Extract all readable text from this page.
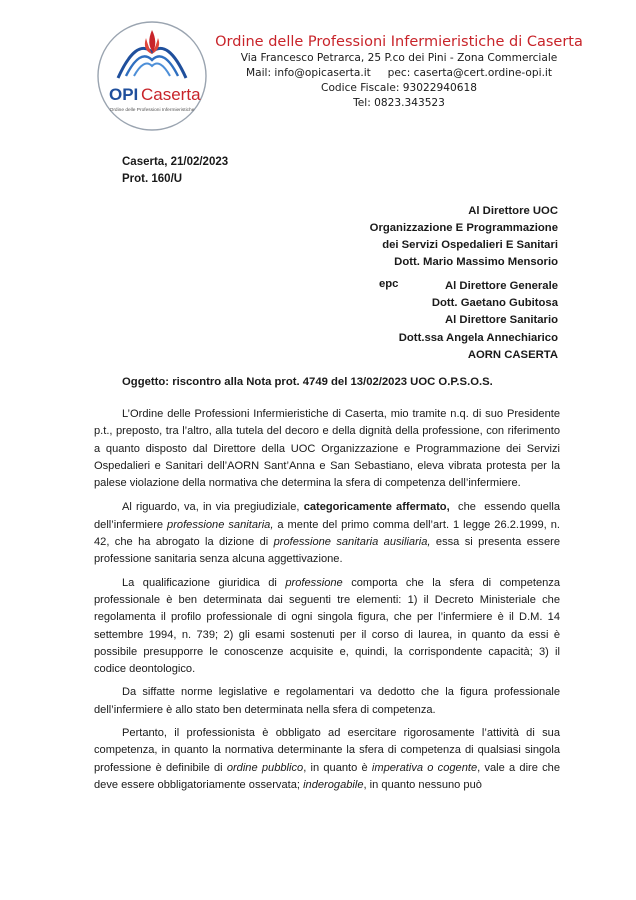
OPI Caserta
Ordine delle Professioni Infermieristiche
Ordine delle Professioni Infermieristiche di Caserta
Via Francesco Petrarca, 25 P.co dei Pini - Zona Commerciale
Mail: info@opicaserta.it     pec: caserta@cert.ordine-opi.it
Codice Fiscale: 93022940618
Tel: 0823.343523
Caserta, 21/02/2023
Prot. 160/U
Al Direttore UOC
Organizzazione E Programmazione
dei Servizi Ospedalieri E Sanitari
Dott. Mario Massimo Mensorio
epc	Al Direttore Generale
Dott. Gaetano Gubitosa
Al Direttore Sanitario
Dott.ssa Angela Annechiarico
AORN CASERTA
Oggetto: riscontro alla Nota prot. 4749 del 13/02/2023 UOC O.P.S.O.S.

L’Ordine delle Professioni Infermieristiche di Caserta, mio tramite n.q. di suo Presidente p.t., preposto, tra l’altro, alla tutela del decoro e della dignità della professione, con riferimento a quanto disposto dal Direttore della UOC Organizzazione e Programmazione dei Servizi Ospedalieri e Sanitari dell’AORN Sant’Anna e San Sebastiano, eleva vibrata protesta per la palese violazione della normativa che determina la sfera di competenza dell’infermiere.

Al riguardo, va, in via pregiudiziale, categoricamente affermato,  che  essendo quella dell’infermiere professione sanitaria, a mente del primo comma dell’art. 1 legge 26.2.1999, n. 42, che ha abrogato la dizione di professione sanitaria ausiliaria, essa si presenta essere professione sanitaria senza alcuna aggettivazione.

La qualificazione giuridica di professione comporta che la sfera di competenza professionale è ben determinata dai seguenti tre elementi: 1) il Decreto Ministeriale che regolamenta il profilo professionale di ogni singola figura, che per l’infermiere è il D.M. 14 settembre 1994, n. 739; 2) gli esami sostenuti per il corso di laurea, in quanto da essi è possibile presupporre le conoscenze acquisite e, quindi, la corrispondente capacità; 3) il codice deontologico.

Da siffatte norme legislative e regolamentari va dedotto che la figura professionale dell’infermiere è allo stato ben determinata nella sfera di competenza.

Pertanto, il professionista è obbligato ad esercitare rigorosamente l’attività di sua competenza, in quanto la normativa determinante la sfera di competenza di qualsiasi singola professione è definibile di ordine pubblico, in quanto è imperativa o cogente, vale a dire che deve essere obbligatoriamente osservata; inderogabile, in quanto nessuno può
